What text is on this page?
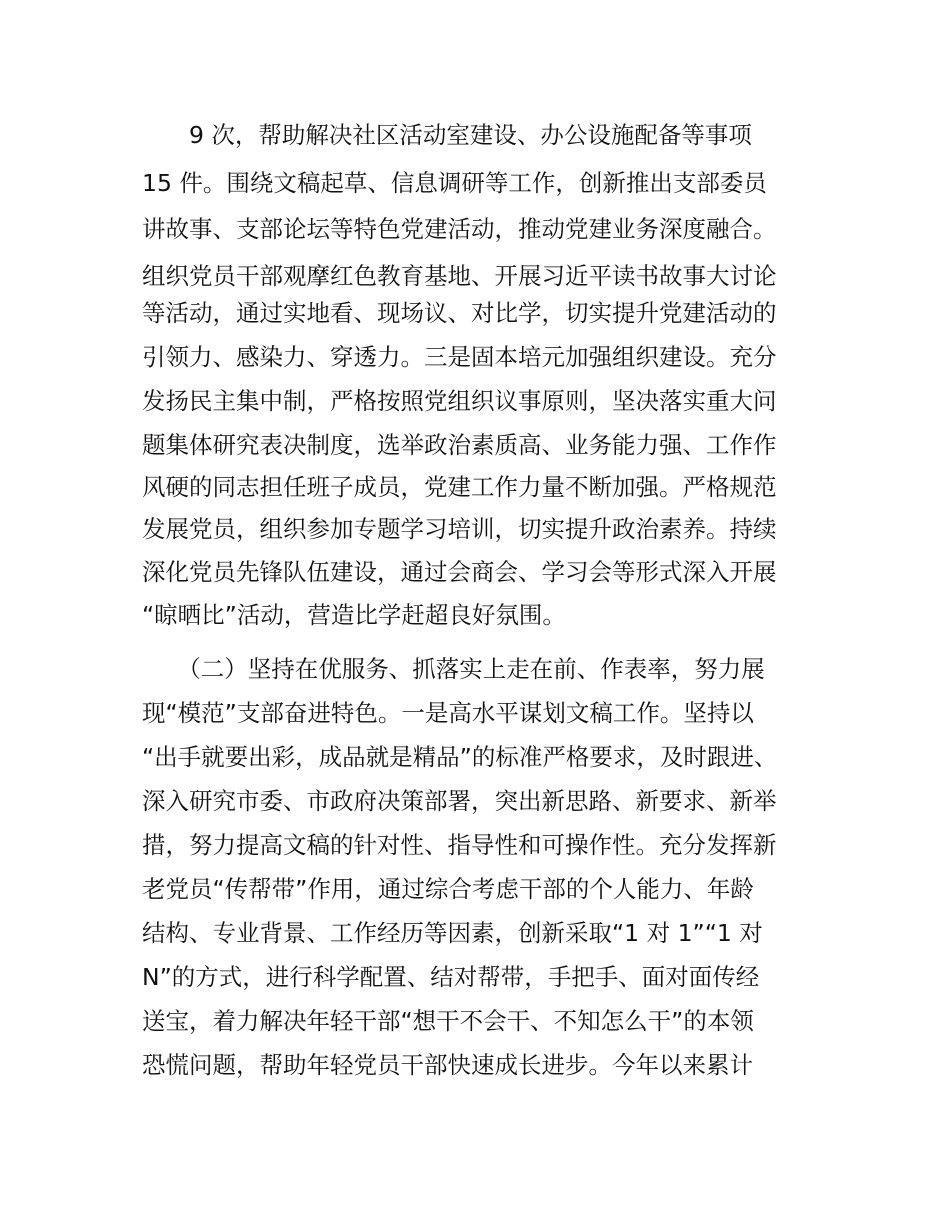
　　9 次，帮助解决社区活动室建设、办公设施配备等事项

15 件。围绕文稿起草、信息调研等工作，创新推出支部委员

讲故事、支部论坛等特色党建活动，推动党建业务深度融合。

组织党员干部观摩红色教育基地、开展习近平读书故事大讨论

等活动，通过实地看、现场议、对比学，切实提升党建活动的

引领力、感染力、穿透力。三是固本培元加强组织建设。充分

发扬民主集中制，严格按照党组织议事原则，坚决落实重大问

题集体研究表决制度，选举政治素质高、业务能力强、工作作

风硬的同志担任班子成员，党建工作力量不断加强。严格规范

发展党员，组织参加专题学习培训，切实提升政治素养。持续

深化党员先锋队伍建设，通过会商会、学习会等形式深入开展

“晾晒比”活动，营造比学赶超良好氛围。

　　（二）坚持在优服务、抓落实上走在前、作表率，努力展

现“模范”支部奋进特色。一是高水平谋划文稿工作。坚持以

“出手就要出彩，成品就是精品”的标准严格要求，及时跟进、

深入研究市委、市政府决策部署，突出新思路、新要求、新举

措，努力提高文稿的针对性、指导性和可操作性。充分发挥新

老党员“传帮带”作用，通过综合考虑干部的个人能力、年龄

结构、专业背景、工作经历等因素，创新采取“1 对 1”“1 对

N”的方式，进行科学配置、结对帮带，手把手、面对面传经

送宝，着力解决年轻干部“想干不会干、不知怎么干”的本领

恐慌问题，帮助年轻党员干部快速成长进步。今年以来累计
